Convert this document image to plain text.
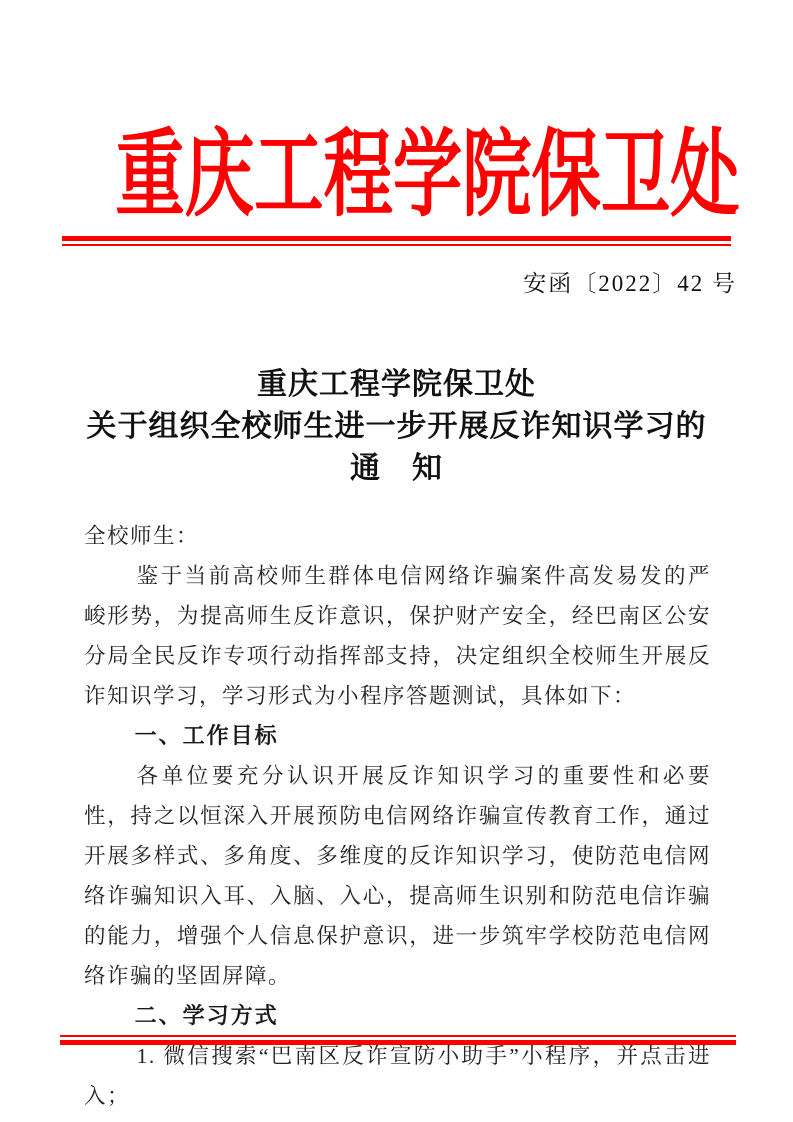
重庆工程学院保卫处
安函〔2022〕42 号
重庆工程学院保卫处
关于组织全校师生进一步开展反诈知识学习的
通　知

全校师生：

鉴于当前高校师生群体电信网络诈骗案件高发易发的严峻形势，为提高师生反诈意识，保护财产安全，经巴南区公安分局全民反诈专项行动指挥部支持，决定组织全校师生开展反诈知识学习，学习形式为小程序答题测试，具体如下：

一、工作目标

各单位要充分认识开展反诈知识学习的重要性和必要性，持之以恒深入开展预防电信网络诈骗宣传教育工作，通过开展多样式、多角度、多维度的反诈知识学习，使防范电信网络诈骗知识入耳、入脑、入心，提高师生识别和防范电信诈骗的能力，增强个人信息保护意识，进一步筑牢学校防范电信网络诈骗的坚固屏障。

二、学习方式

1. 微信搜索“巴南区反诈宣防小助手”小程序，并点击进入；
